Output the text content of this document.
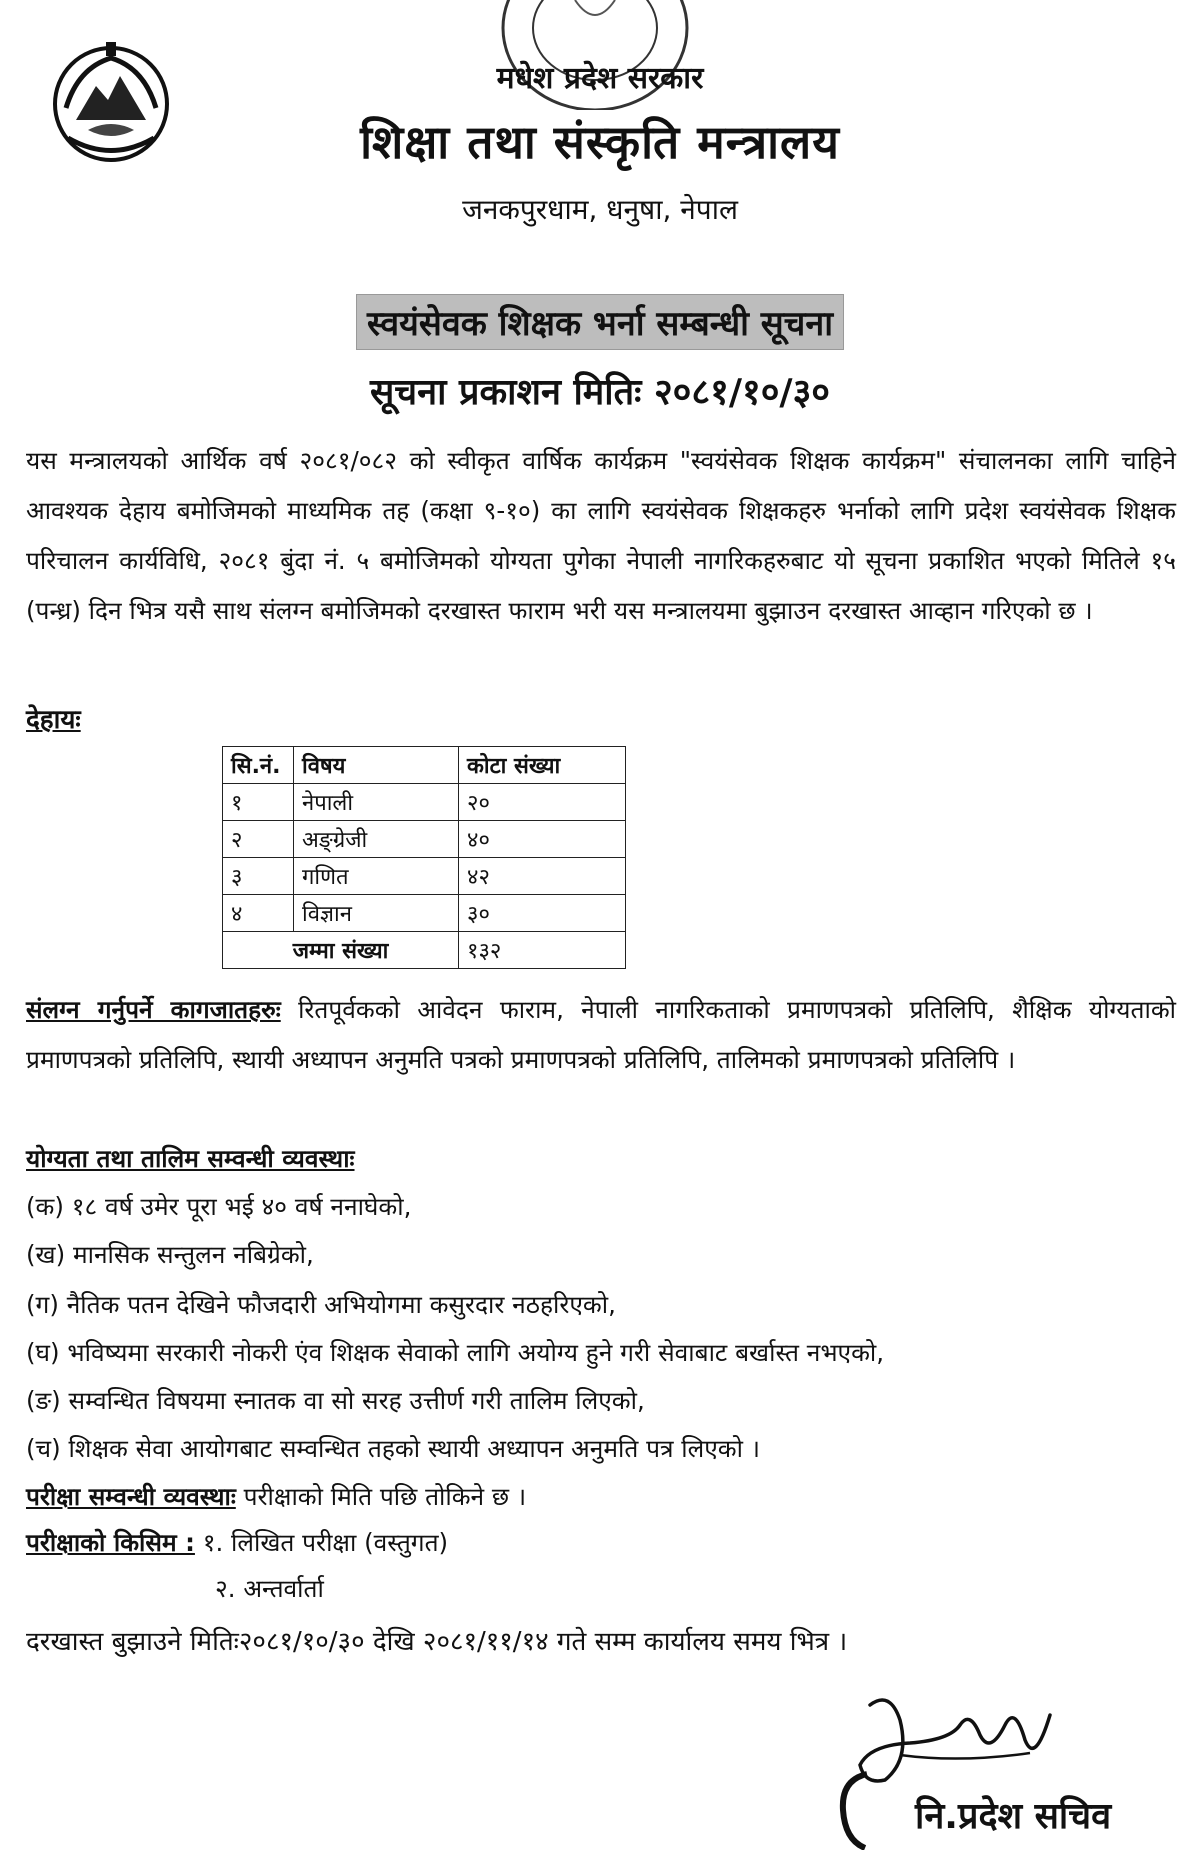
मधेश प्रदेश सरकार
शिक्षा तथा संस्कृति मन्त्रालय
जनकपुरधाम, धनुषा, नेपाल
स्वयंसेवक शिक्षक भर्ना सम्बन्धी सूचना
सूचना प्रकाशन मितिः २०८१/१०/३०
यस मन्त्रालयको आर्थिक वर्ष २०८१/०८२ को स्वीकृत वार्षिक कार्यक्रम "स्वयंसेवक शिक्षक कार्यक्रम" संचालनका लागि चाहिने आवश्यक देहाय बमोजिमको माध्यमिक तह (कक्षा ९-१०) का लागि स्वयंसेवक शिक्षकहरु भर्नाको लागि प्रदेश स्वयंसेवक शिक्षक परिचालन कार्यविधि, २०८१ बुंदा नं. ५ बमोजिमको योग्यता पुगेका नेपाली नागरिकहरुबाट यो सूचना प्रकाशित भएको मितिले १५ (पन्ध्र) दिन भित्र यसै साथ संलग्न बमोजिमको दरखास्त फाराम भरी यस मन्त्रालयमा बुझाउन दरखास्त आव्हान गरिएको छ ।
देहायः
सि.नं.	विषय	कोटा संख्या
१	नेपाली	२०
२	अङ्ग्रेजी	४०
३	गणित	४२
४	विज्ञान	३०
जम्मा संख्या		१३२
संलग्न गर्नुपर्ने कागजातहरुः रितपूर्वकको आवेदन फाराम, नेपाली नागरिकताको प्रमाणपत्रको प्रतिलिपि, शैक्षिक योग्यताको प्रमाणपत्रको प्रतिलिपि, स्थायी अध्यापन अनुमति पत्रको प्रमाणपत्रको प्रतिलिपि, तालिमको प्रमाणपत्रको प्रतिलिपि ।
योग्यता तथा तालिम सम्वन्धी व्यवस्थाः
(क) १८ वर्ष उमेर पूरा भई ४० वर्ष ननाघेको,
(ख) मानसिक सन्तुलन नबिग्रेको,
(ग) नैतिक पतन देखिने फौजदारी अभियोगमा कसुरदार नठहरिएको,
(घ) भविष्यमा सरकारी नोकरी एंव शिक्षक सेवाको लागि अयोग्य हुने गरी सेवाबाट बर्खास्त नभएको,
(ङ) सम्वन्धित विषयमा स्नातक वा सो सरह उत्तीर्ण गरी तालिम लिएको,
(च) शिक्षक सेवा आयोगबाट सम्वन्धित तहको स्थायी अध्यापन अनुमति पत्र लिएको ।
परीक्षा सम्वन्धी व्यवस्थाः परीक्षाको मिति पछि तोकिने छ ।
परीक्षाको किसिम : १. लिखित परीक्षा (वस्तुगत)
२. अन्तर्वार्ता
दरखास्त बुझाउने मितिः२०८१/१०/३० देखि २०८१/११/१४ गते सम्म कार्यालय समय भित्र ।
नि.प्रदेश सचिव
